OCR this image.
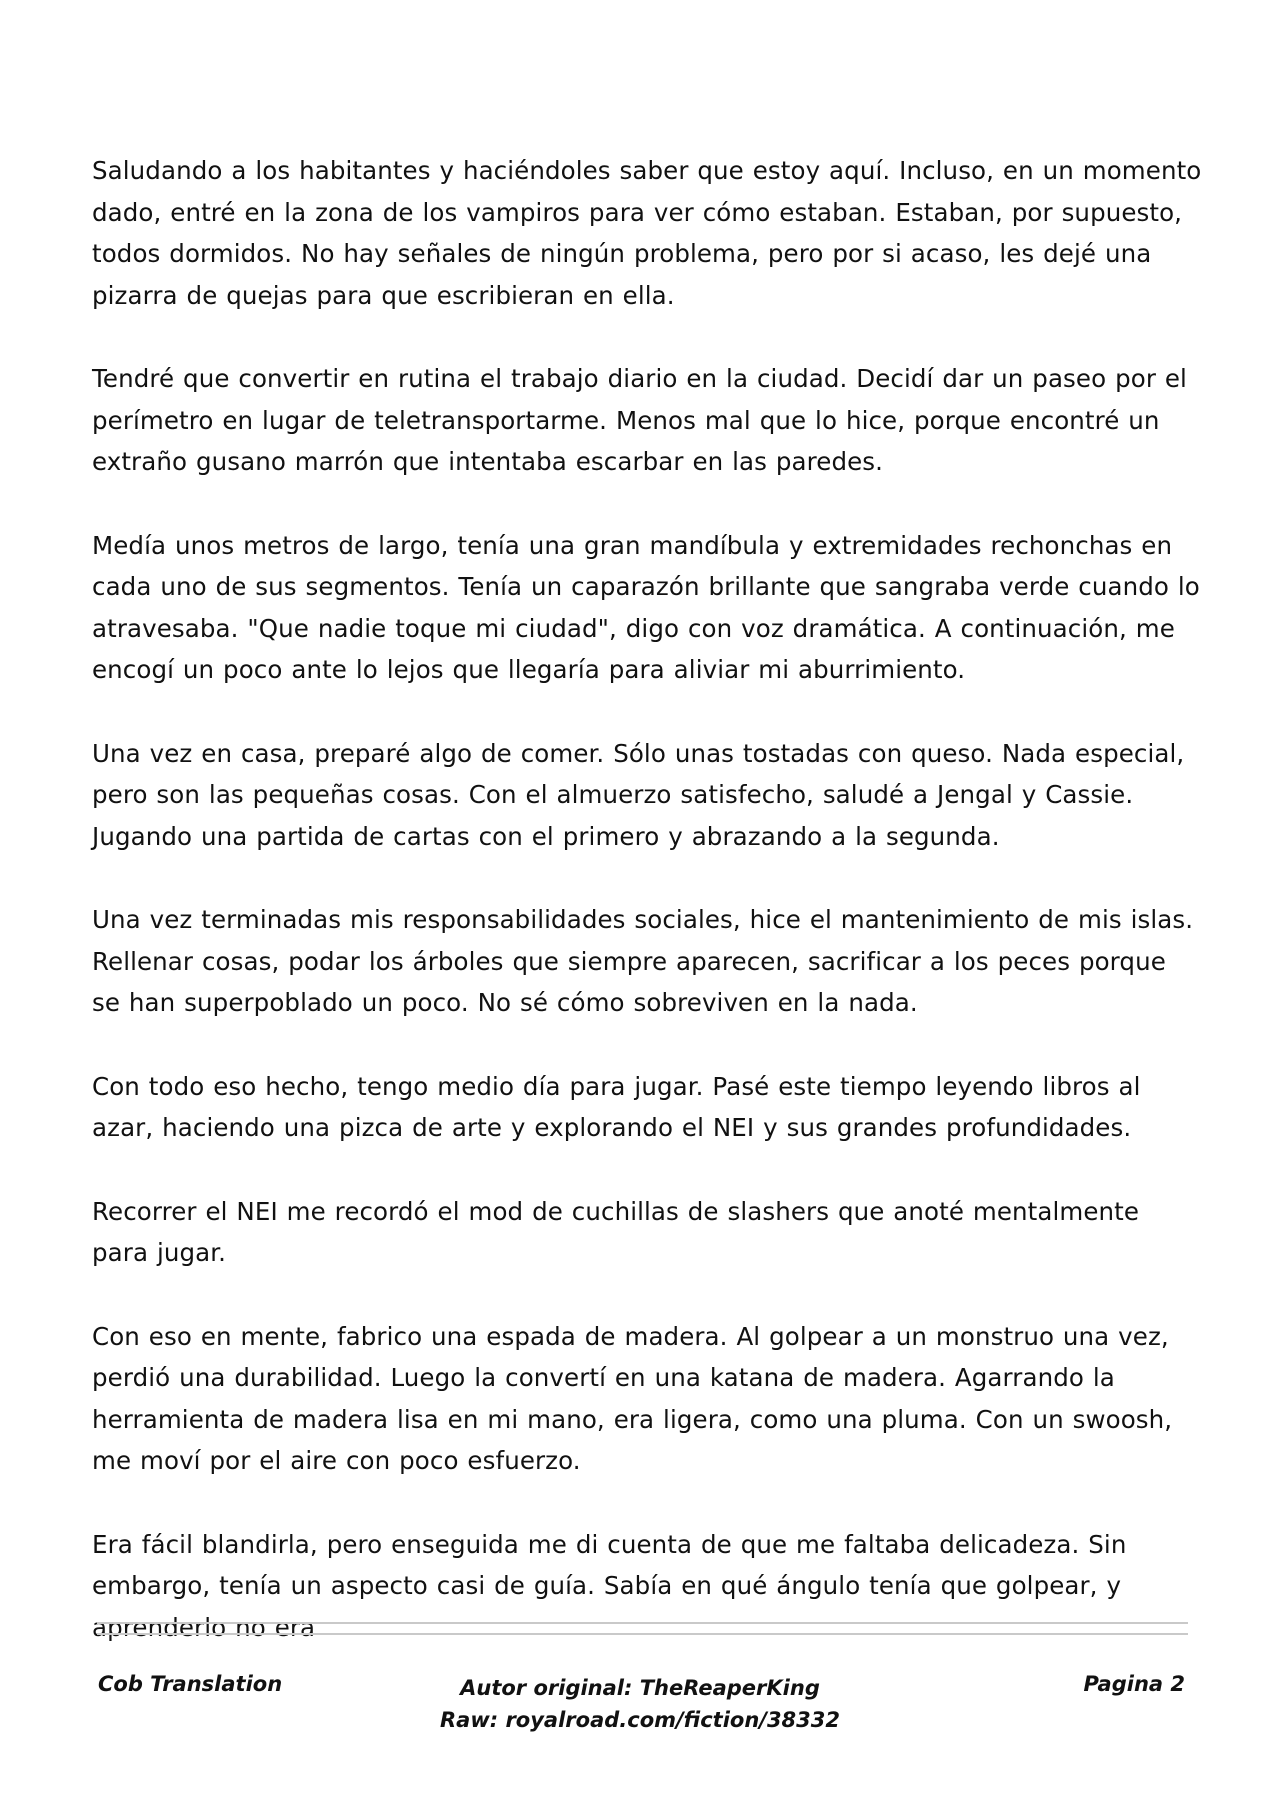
Saludando a los habitantes y haciéndoles saber que estoy aquí. Incluso, en un momento dado, entré en la zona de los vampiros para ver cómo estaban. Estaban, por supuesto, todos dormidos. No hay señales de ningún problema, pero por si acaso, les dejé una pizarra de quejas para que escribieran en ella.

Tendré que convertir en rutina el trabajo diario en la ciudad. Decidí dar un paseo por el perímetro en lugar de teletransportarme. Menos mal que lo hice, porque encontré un extraño gusano marrón que intentaba escarbar en las paredes.

Medía unos metros de largo, tenía una gran mandíbula y extremidades rechonchas en cada uno de sus segmentos. Tenía un caparazón brillante que sangraba verde cuando lo atravesaba. "Que nadie toque mi ciudad", digo con voz dramática. A continuación, me encogí un poco ante lo lejos que llegaría para aliviar mi aburrimiento.

Una vez en casa, preparé algo de comer. Sólo unas tostadas con queso. Nada especial, pero son las pequeñas cosas. Con el almuerzo satisfecho, saludé a Jengal y Cassie. Jugando una partida de cartas con el primero y abrazando a la segunda.

Una vez terminadas mis responsabilidades sociales, hice el mantenimiento de mis islas. Rellenar cosas, podar los árboles que siempre aparecen, sacrificar a los peces porque se han superpoblado un poco. No sé cómo sobreviven en la nada.

Con todo eso hecho, tengo medio día para jugar. Pasé este tiempo leyendo libros al azar, haciendo una pizca de arte y explorando el NEI y sus grandes profundidades.

Recorrer el NEI me recordó el mod de cuchillas de slashers que anoté mentalmente para jugar.

Con eso en mente, fabrico una espada de madera. Al golpear a un monstruo una vez, perdió una durabilidad. Luego la convertí en una katana de madera. Agarrando la herramienta de madera lisa en mi mano, era ligera, como una pluma. Con un swoosh, me moví por el aire con poco esfuerzo.

Era fácil blandirla, pero enseguida me di cuenta de que me faltaba delicadeza. Sin embargo, tenía un aspecto casi de guía. Sabía en qué ángulo tenía que golpear, y aprenderlo no era

Cob Translation	Autor original: TheReaperKing
Raw: royalroad.com/fiction/38332
Pagina 2
